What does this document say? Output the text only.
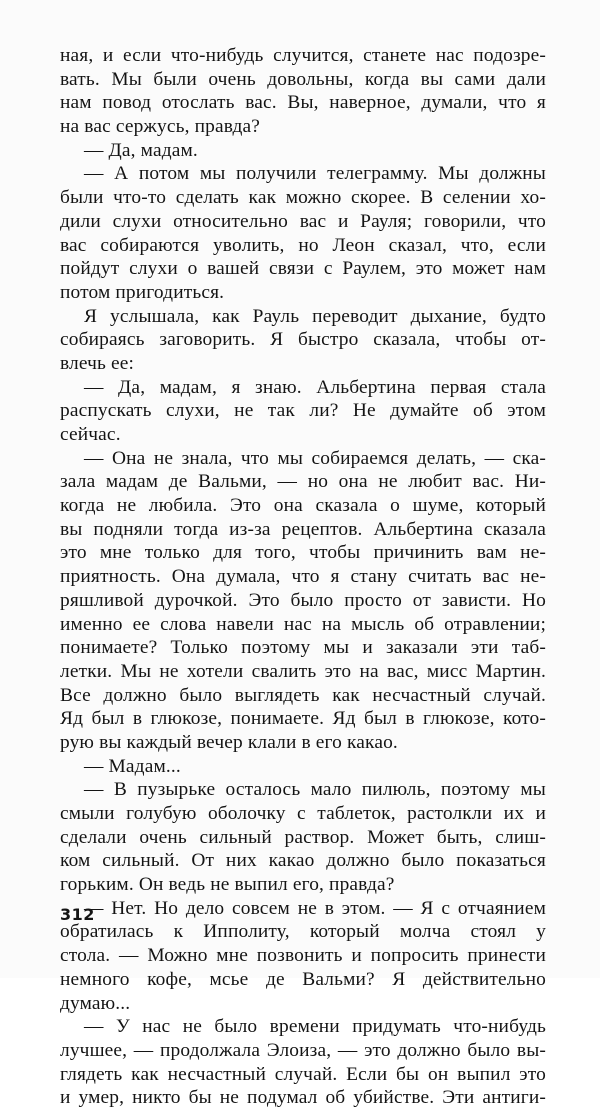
ная, и если что-нибудь случится, станете нас подозре-
вать. Мы были очень довольны, когда вы сами дали
нам повод отослать вас. Вы, наверное, думали, что я
на вас сержусь, правда?
— Да, мадам.
— А потом мы получили телеграмму. Мы должны
были что-то сделать как можно скорее. В селении хо-
дили слухи относительно вас и Рауля; говорили, что
вас собираются уволить, но Леон сказал, что, если
пойдут слухи о вашей связи с Раулем, это может нам
потом пригодиться.
Я услышала, как Рауль переводит дыхание, будто
собираясь заговорить. Я быстро сказала, чтобы от-
влечь ее:
— Да, мадам, я знаю. Альбертина первая стала
распускать слухи, не так ли? Не думайте об этом
сейчас.
— Она не знала, что мы собираемся делать, — ска-
зала мадам де Вальми, — но она не любит вас. Ни-
когда не любила. Это она сказала о шуме, который
вы подняли тогда из-за рецептов. Альбертина сказала
это мне только для того, чтобы причинить вам не-
приятность. Она думала, что я стану считать вас не-
ряшливой дурочкой. Это было просто от зависти. Но
именно ее слова навели нас на мысль об отравлении;
понимаете? Только поэтому мы и заказали эти таб-
летки. Мы не хотели свалить это на вас, мисс Мартин.
Все должно было выглядеть как несчастный случай.
Яд был в глюкозе, понимаете. Яд был в глюкозе, кото-
рую вы каждый вечер клали в его какао.
— Мадам...
— В пузырьке осталось мало пилюль, поэтому мы
смыли голубую оболочку с таблеток, растолкли их и
сделали очень сильный раствор. Может быть, слиш-
ком сильный. От них какао должно было показаться
горьким. Он ведь не выпил его, правда?
— Нет. Но дело совсем не в этом. — Я с отчаянием
обратилась к Ипполиту, который молча стоял у
стола. — Можно мне позвонить и попросить принести
немного кофе, мсье де Вальми? Я действительно
думаю...
— У нас не было времени придумать что-нибудь
лучшее, — продолжала Элоиза, — это должно было вы-
глядеть как несчастный случай. Если бы он выпил это
и умер, никто бы не подумал об убийстве. Эти антиги-
312
